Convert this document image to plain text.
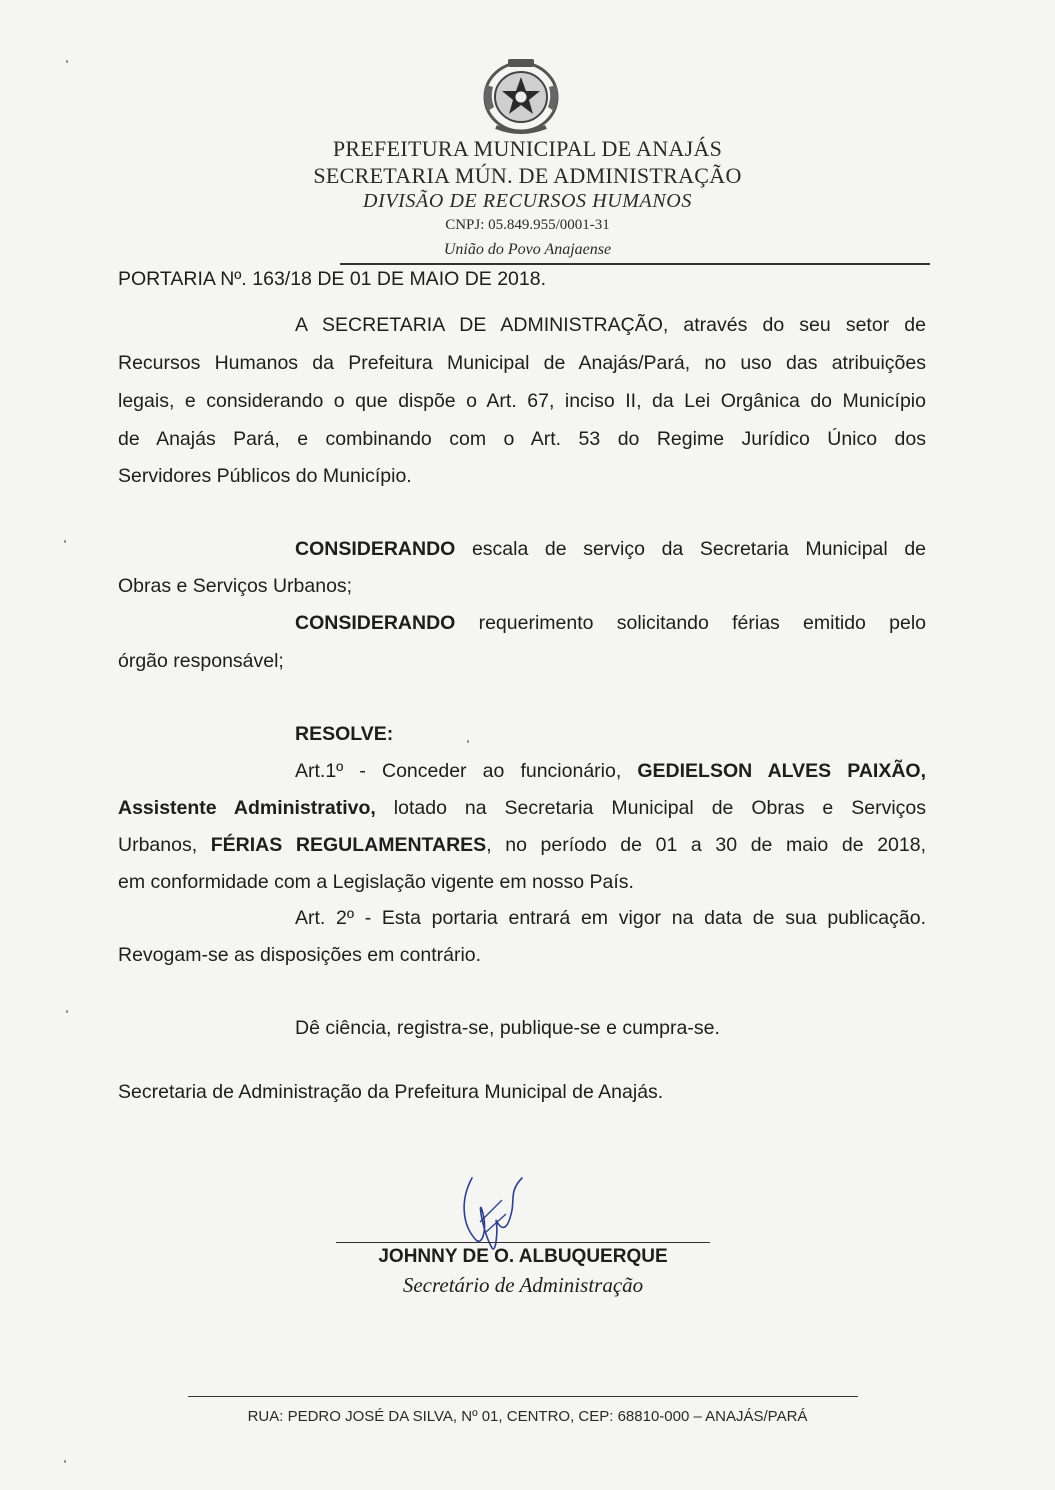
PREFEITURA MUNICIPAL DE ANAJÁS
SECRETARIA MÚN. DE ADMINISTRAÇÃO
DIVISÃO DE RECURSOS HUMANOS
CNPJ: 05.849.955/0001-31
União do Povo Anajaense
PORTARIA Nº. 163/18 DE 01 DE MAIO DE 2018.
A SECRETARIA DE ADMINISTRAÇÃO, através do seu setor de
Recursos Humanos da Prefeitura Municipal de Anajás/Pará, no uso das atribuições
legais, e considerando o que dispõe o Art. 67, inciso II, da Lei Orgânica do Município
de Anajás Pará, e combinando com o Art. 53 do Regime Jurídico Único dos
Servidores Públicos do Município.
CONSIDERANDO escala de serviço da Secretaria Municipal de
Obras e Serviços Urbanos;
CONSIDERANDO requerimento solicitando férias emitido pelo
órgão responsável;
RESOLVE:
Art.1º - Conceder ao funcionário, GEDIELSON ALVES PAIXÃO,
Assistente Administrativo, lotado na Secretaria Municipal de Obras e Serviços
Urbanos, FÉRIAS REGULAMENTARES, no período de 01 a 30 de maio de 2018,
em conformidade com a Legislação vigente em nosso País.
Art. 2º - Esta portaria entrará em vigor na data de sua publicação.
Revogam-se as disposições em contrário.
Dê ciência, registra-se, publique-se e cumpra-se.
Secretaria de Administração da Prefeitura Municipal de Anajás.
JOHNNY DE O. ALBUQUERQUE
Secretário de Administração
RUA: PEDRO JOSÉ DA SILVA, Nº 01, CENTRO, CEP: 68810-000 – ANAJÁS/PARÁ
